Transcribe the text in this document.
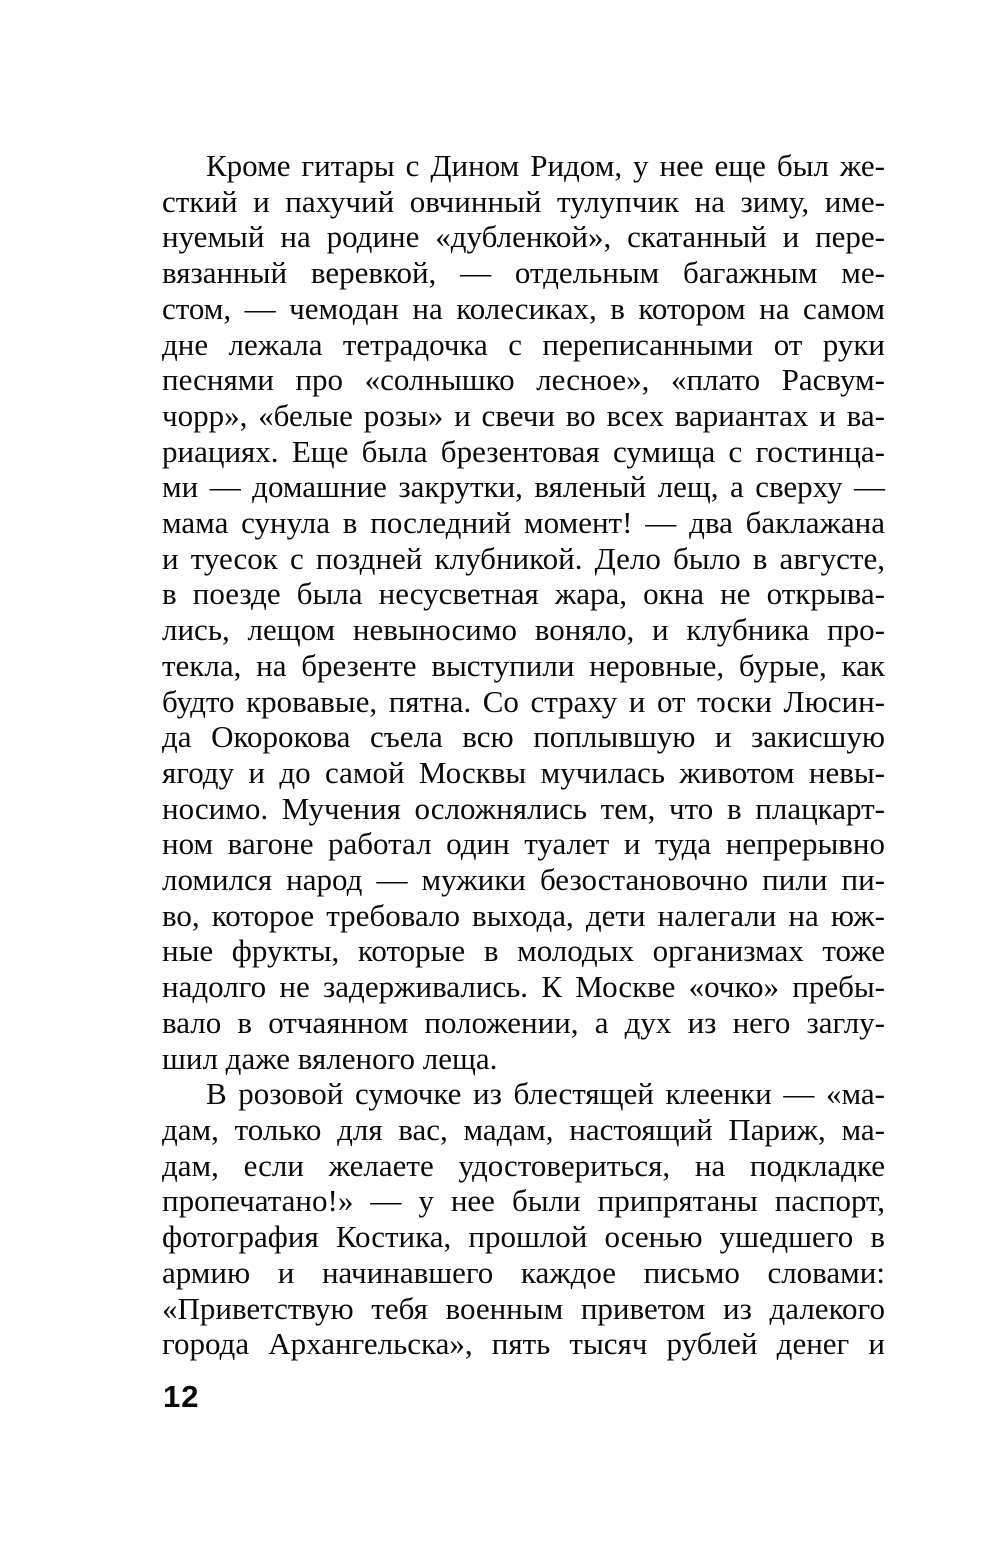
Кроме гитары с Дином Ридом, у нее еще был же-
сткий и пахучий овчинный тулупчик на зиму, име-
нуемый на родине «дубленкой», скатанный и пере-
вязанный веревкой, — отдельным багажным ме-
стом, — чемодан на колесиках, в котором на самом
дне лежала тетрадочка с переписанными от руки
песнями про «солнышко лесное», «плато Расвум-
чорр», «белые розы» и свечи во всех вариантах и ва-
риациях. Еще была брезентовая сумища с гостинца-
ми — домашние закрутки, вяленый лещ, а сверху —
мама сунула в последний момент! — два баклажана
и туесок с поздней клубникой. Дело было в августе,
в поезде была несусветная жара, окна не открыва-
лись, лещом невыносимо воняло, и клубника про-
текла, на брезенте выступили неровные, бурые, как
будто кровавые, пятна. Со страху и от тоски Люсин-
да Окорокова съела всю поплывшую и закисшую
ягоду и до самой Москвы мучилась животом невы-
носимо. Мучения осложнялись тем, что в плацкарт-
ном вагоне работал один туалет и туда непрерывно
ломился народ — мужики безостановочно пили пи-
во, которое требовало выхода, дети налегали на юж-
ные фрукты, которые в молодых организмах тоже
надолго не задерживались. К Москве «очко» пребы-
вало в отчаянном положении, а дух из него заглу-
шил даже вяленого леща.
В розовой сумочке из блестящей клеенки — «ма-
дам, только для вас, мадам, настоящий Париж, ма-
дам, если желаете удостовериться, на подкладке
пропечатано!» — у нее были припрятаны паспорт,
фотография Костика, прошлой осенью ушедшего в
армию и начинавшего каждое письмо словами:
«Приветствую тебя военным приветом из далекого
города Архангельска», пять тысяч рублей денег и
12
